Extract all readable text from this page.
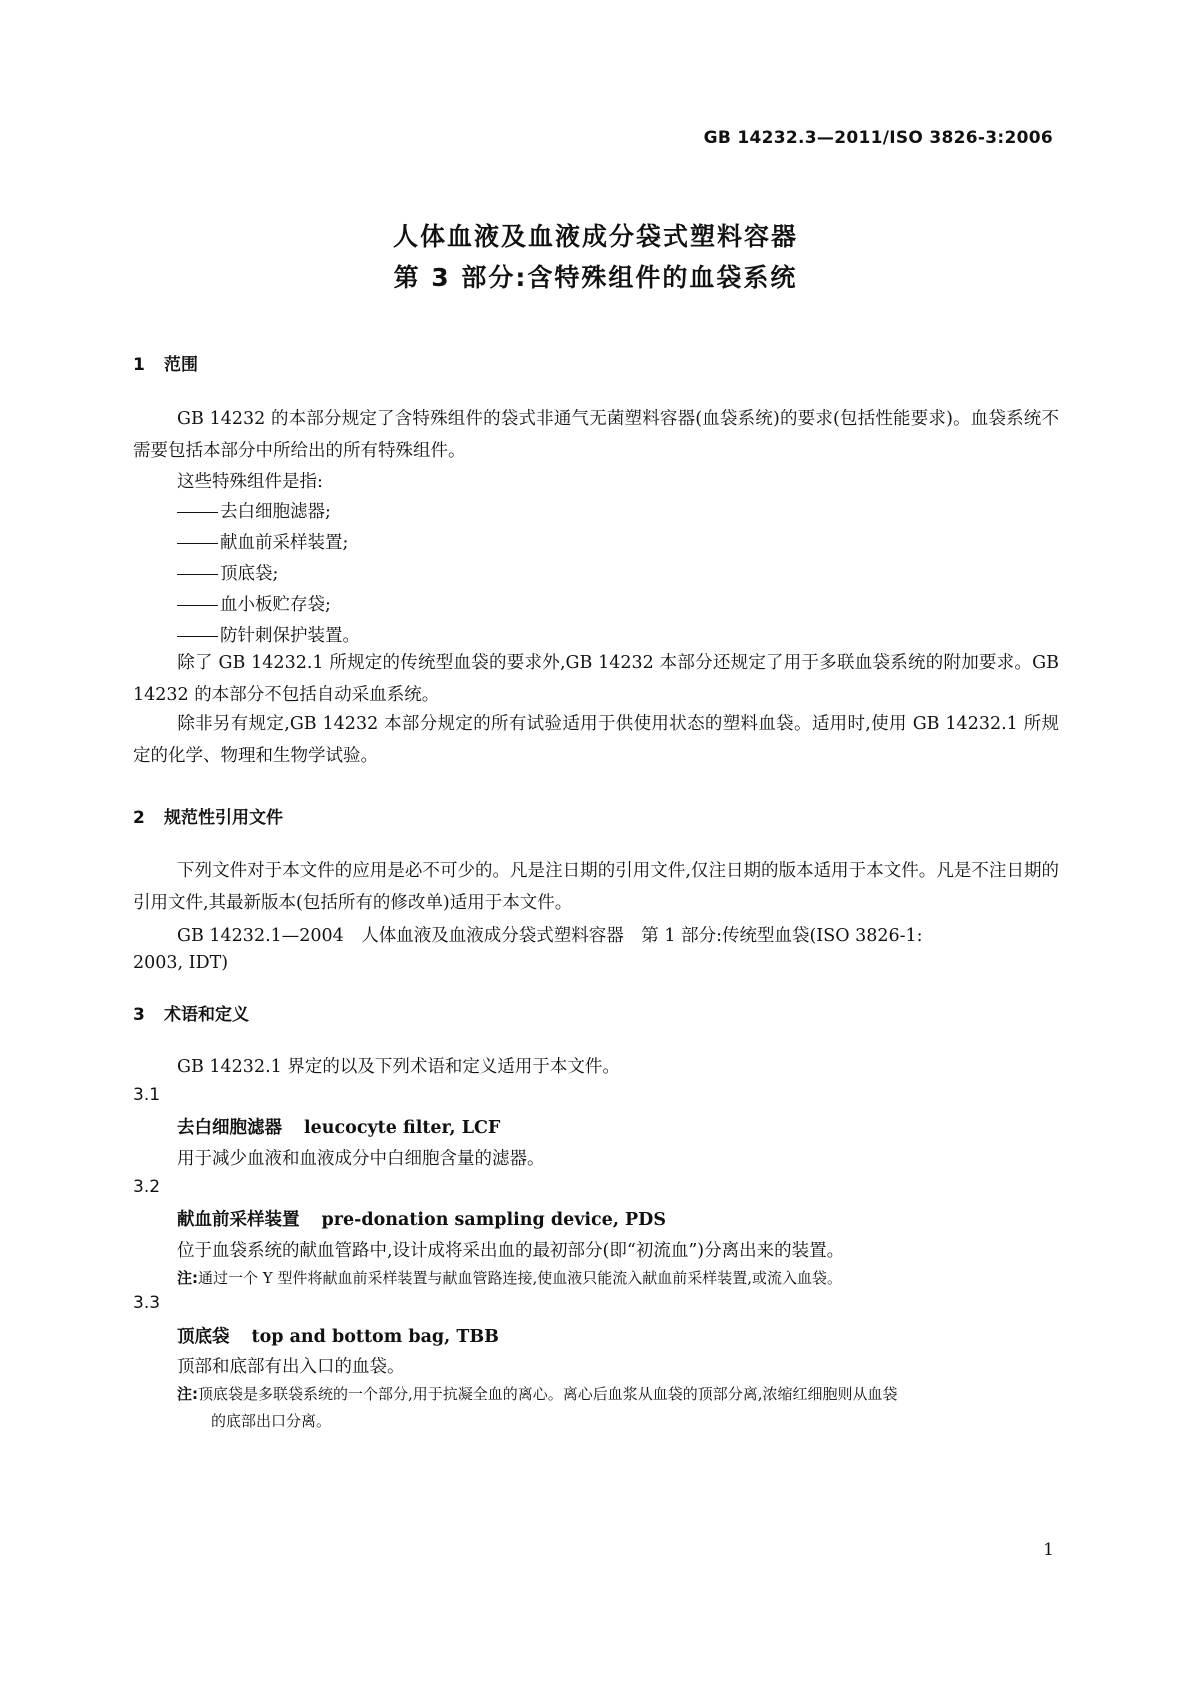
GB 14232.3—2011/ISO 3826-3:2006
人体血液及血液成分袋式塑料容器
第 3 部分:含特殊组件的血袋系统
1 范围
GB 14232 的本部分规定了含特殊组件的袋式非通气无菌塑料容器(血袋系统)的要求(包括性能要求)。血袋系统不需要包括本部分中所给出的所有特殊组件。
这些特殊组件是指:
去白细胞滤器;
献血前采样装置;
顶底袋;
血小板贮存袋;
防针刺保护装置。
除了 GB 14232.1 所规定的传统型血袋的要求外,GB 14232 本部分还规定了用于多联血袋系统的附加要求。GB 14232 的本部分不包括自动采血系统。
除非另有规定,GB 14232 本部分规定的所有试验适用于供使用状态的塑料血袋。适用时,使用 GB 14232.1 所规定的化学、物理和生物学试验。
2 规范性引用文件
下列文件对于本文件的应用是必不可少的。凡是注日期的引用文件,仅注日期的版本适用于本文件。凡是不注日期的引用文件,其最新版本(包括所有的修改单)适用于本文件。
GB 14232.1—2004　人体血液及血液成分袋式塑料容器　第 1 部分:传统型血袋(ISO 3826-1:
2003, IDT)
3 术语和定义
GB 14232.1 界定的以及下列术语和定义适用于本文件。
3.1
去白细胞滤器 leucocyte filter, LCF
用于减少血液和血液成分中白细胞含量的滤器。
3.2
献血前采样装置 pre-donation sampling device, PDS
位于血袋系统的献血管路中,设计成将采出血的最初部分(即“初流血”)分离出来的装置。
注:通过一个 Y 型件将献血前采样装置与献血管路连接,使血液只能流入献血前采样装置,或流入血袋。
3.3
顶底袋 top and bottom bag, TBB
顶部和底部有出入口的血袋。
注:顶底袋是多联袋系统的一个部分,用于抗凝全血的离心。离心后血浆从血袋的顶部分离,浓缩红细胞则从血袋
的底部出口分离。
1
